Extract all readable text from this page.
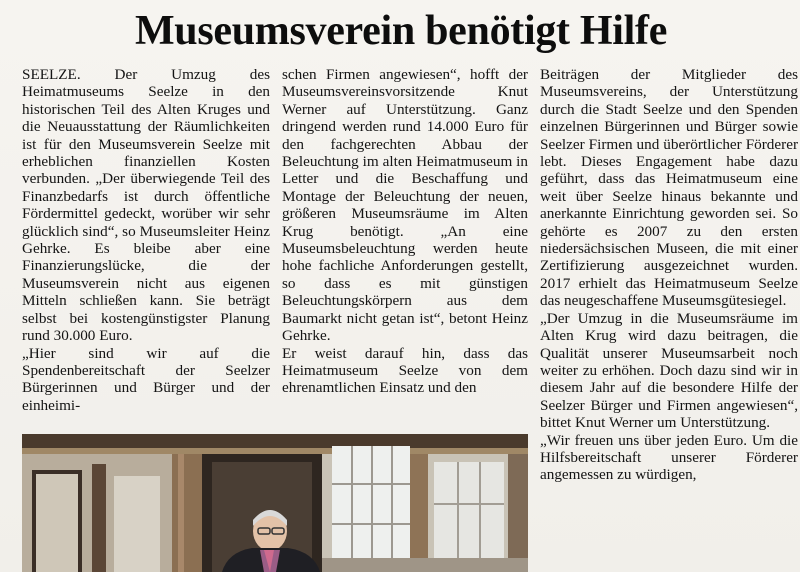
Museumsverein benötigt Hilfe

SEELZE. Der Umzug des Heimatmuseums Seelze in den historischen Teil des Alten Kruges und die Neuausstattung der Räumlichkeiten ist für den Museumsverein Seelze mit erheblichen finanziellen Kosten verbunden. „Der überwiegende Teil des Finanzbedarfs ist durch öffentliche Fördermittel gedeckt, worüber wir sehr glücklich sind“, so Museumsleiter Heinz Gehrke. Es bleibe aber eine Finanzierungslücke, die der Museumsverein nicht aus eigenen Mitteln schließen kann. Sie beträgt selbst bei kostengünstigster Planung rund 30.000 Euro.

„Hier sind wir auf die Spendenbereitschaft der Seelzer Bürgerinnen und Bürger und der einheimi-

schen Firmen angewiesen“, hofft der Museumsvereinsvorsitzende Knut Werner auf Unterstützung. Ganz dringend werden rund 14.000 Euro für den fachgerechten Abbau der Beleuchtung im alten Heimatmuseum in Letter und die Beschaffung und Montage der Beleuchtung der neuen, größeren Museumsräume im Alten Krug benötigt. „An eine Museumsbeleuchtung werden heute hohe fachliche Anforderungen gestellt, so dass es mit günstigen Beleuchtungskörpern aus dem Baumarkt nicht getan ist“, betont Heinz Gehrke.

Er weist darauf hin, dass das Heimatmuseum Seelze von dem ehrenamtlichen Einsatz und den

Beiträgen der Mitglieder des Museumsvereins, der Unterstützung durch die Stadt Seelze und den Spenden einzelnen Bürgerinnen und Bürger sowie Seelzer Firmen und überörtlicher Förderer lebt. Dieses Engagement habe dazu geführt, dass das Heimatmuseum eine weit über Seelze hinaus bekannte und anerkannte Einrichtung geworden sei. So gehörte es 2007 zu den ersten niedersächsischen Museen, die mit einer Zertifizierung ausgezeichnet wurden. 2017 erhielt das Heimatmuseum Seelze das neugeschaffene Museumsgütesiegel.

„Der Umzug in die Museumsräume im Alten Krug wird dazu beitragen, die Qualität unserer Museumsarbeit noch weiter zu erhöhen. Doch dazu sind wir in diesem Jahr auf die besondere Hilfe der Seelzer Bürger und Firmen angewiesen“, bittet Knut Werner um Unterstützung.

„Wir freuen uns über jeden Euro. Um die Hilfsbereitschaft unserer Förderer angemessen zu würdigen,
